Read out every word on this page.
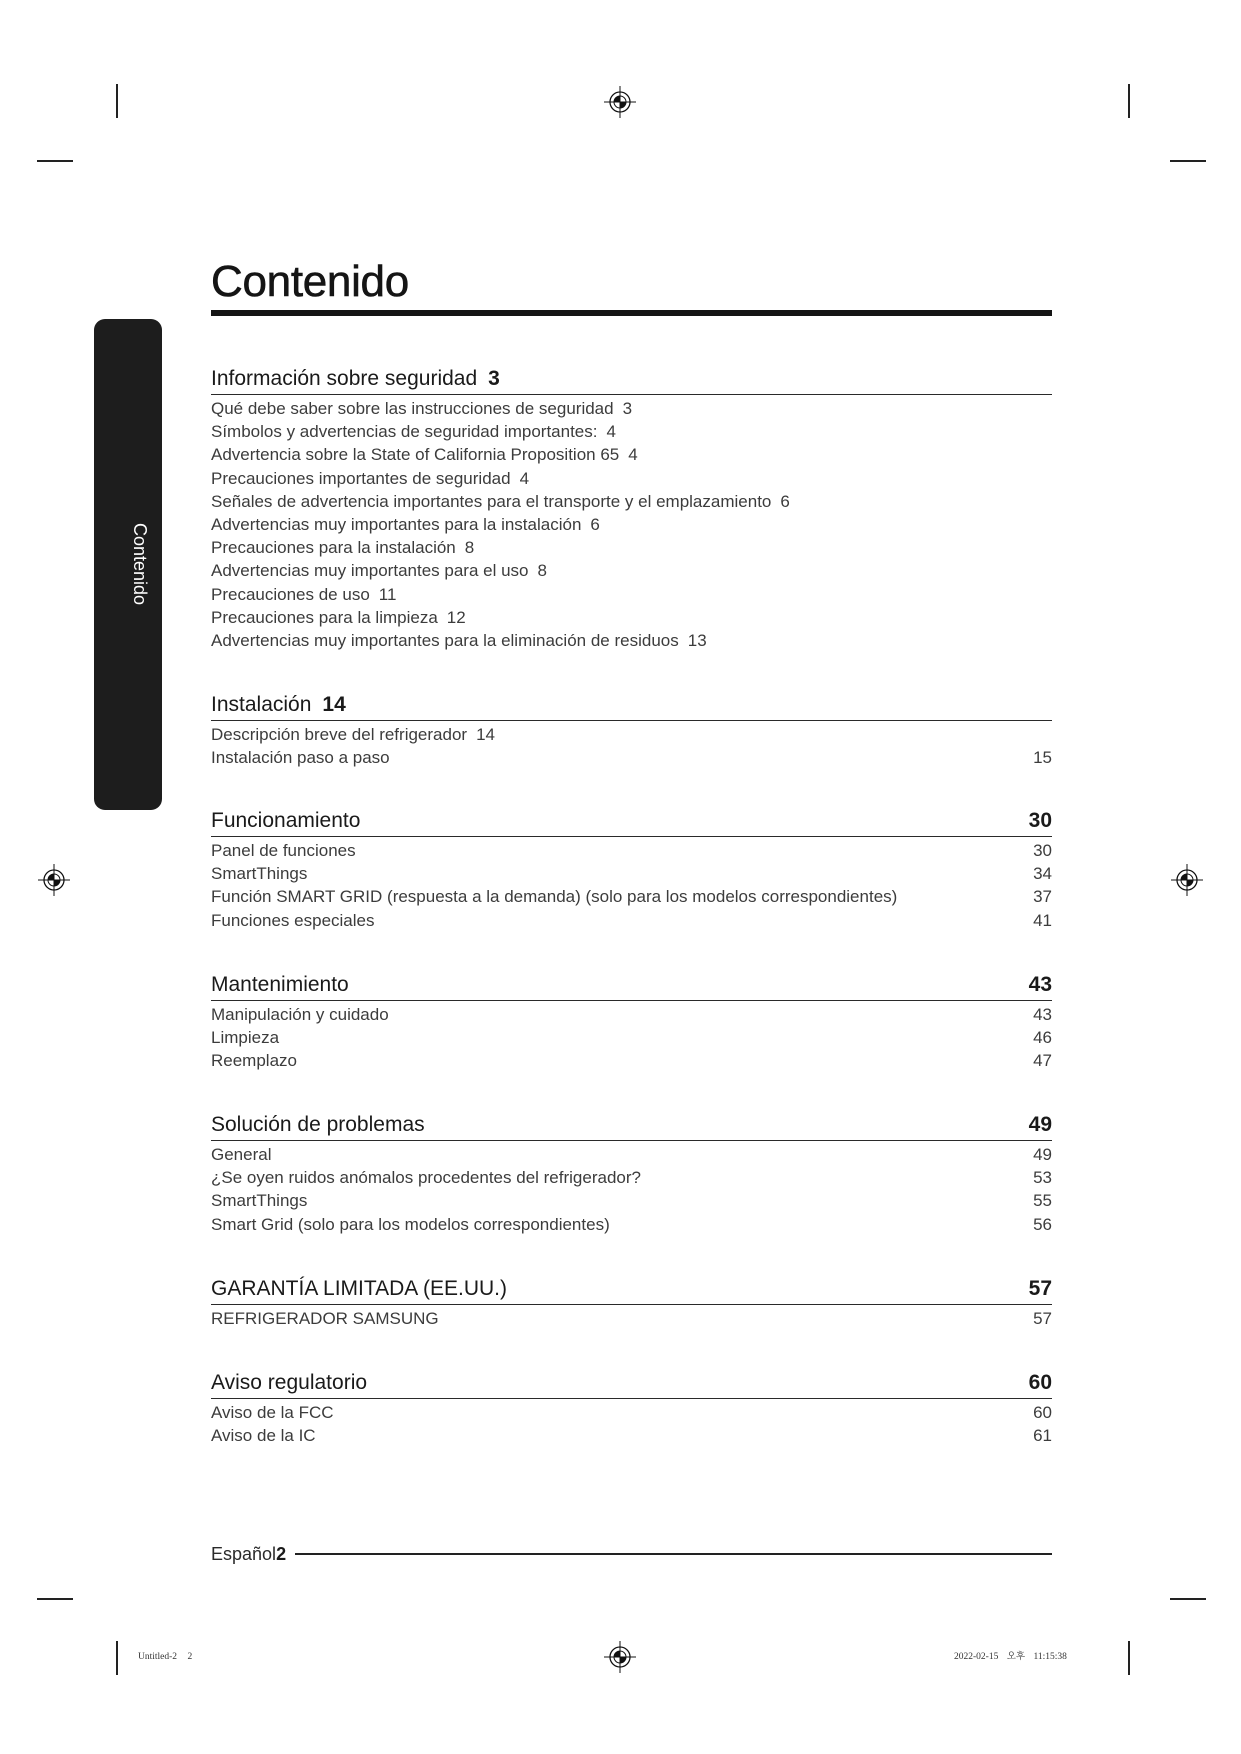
Contenido
Contenido
Información sobre seguridad 3
Qué debe saber sobre las instrucciones de seguridad 3
Símbolos y advertencias de seguridad importantes: 4
Advertencia sobre la State of California Proposition 65 4
Precauciones importantes de seguridad 4
Señales de advertencia importantes para el transporte y el emplazamiento 6
Advertencias muy importantes para la instalación 6
Precauciones para la instalación 8
Advertencias muy importantes para el uso 8
Precauciones de uso 11
Precauciones para la limpieza 12
Advertencias muy importantes para la eliminación de residuos 13
Instalación 14
Descripción breve del refrigerador 14
Instalación paso a paso	15
Funcionamiento	30
Panel de funciones	30
SmartThings	34
Función SMART GRID (respuesta a la demanda) (solo para los modelos correspondientes)	37
Funciones especiales	41
Mantenimiento	43
Manipulación y cuidado	43
Limpieza	46
Reemplazo	47
Solución de problemas	49
General	49
¿Se oyen ruidos anómalos procedentes del refrigerador?	53
SmartThings	55
Smart Grid (solo para los modelos correspondientes)	56
GARANTÍA LIMITADA (EE.UU.)	57
REFRIGERADOR SAMSUNG	57
Aviso regulatorio	60
Aviso de la FCC	60
Aviso de la IC	61
Español 2
Untitled-2 2	2022-02-15 오후 11:15:38
